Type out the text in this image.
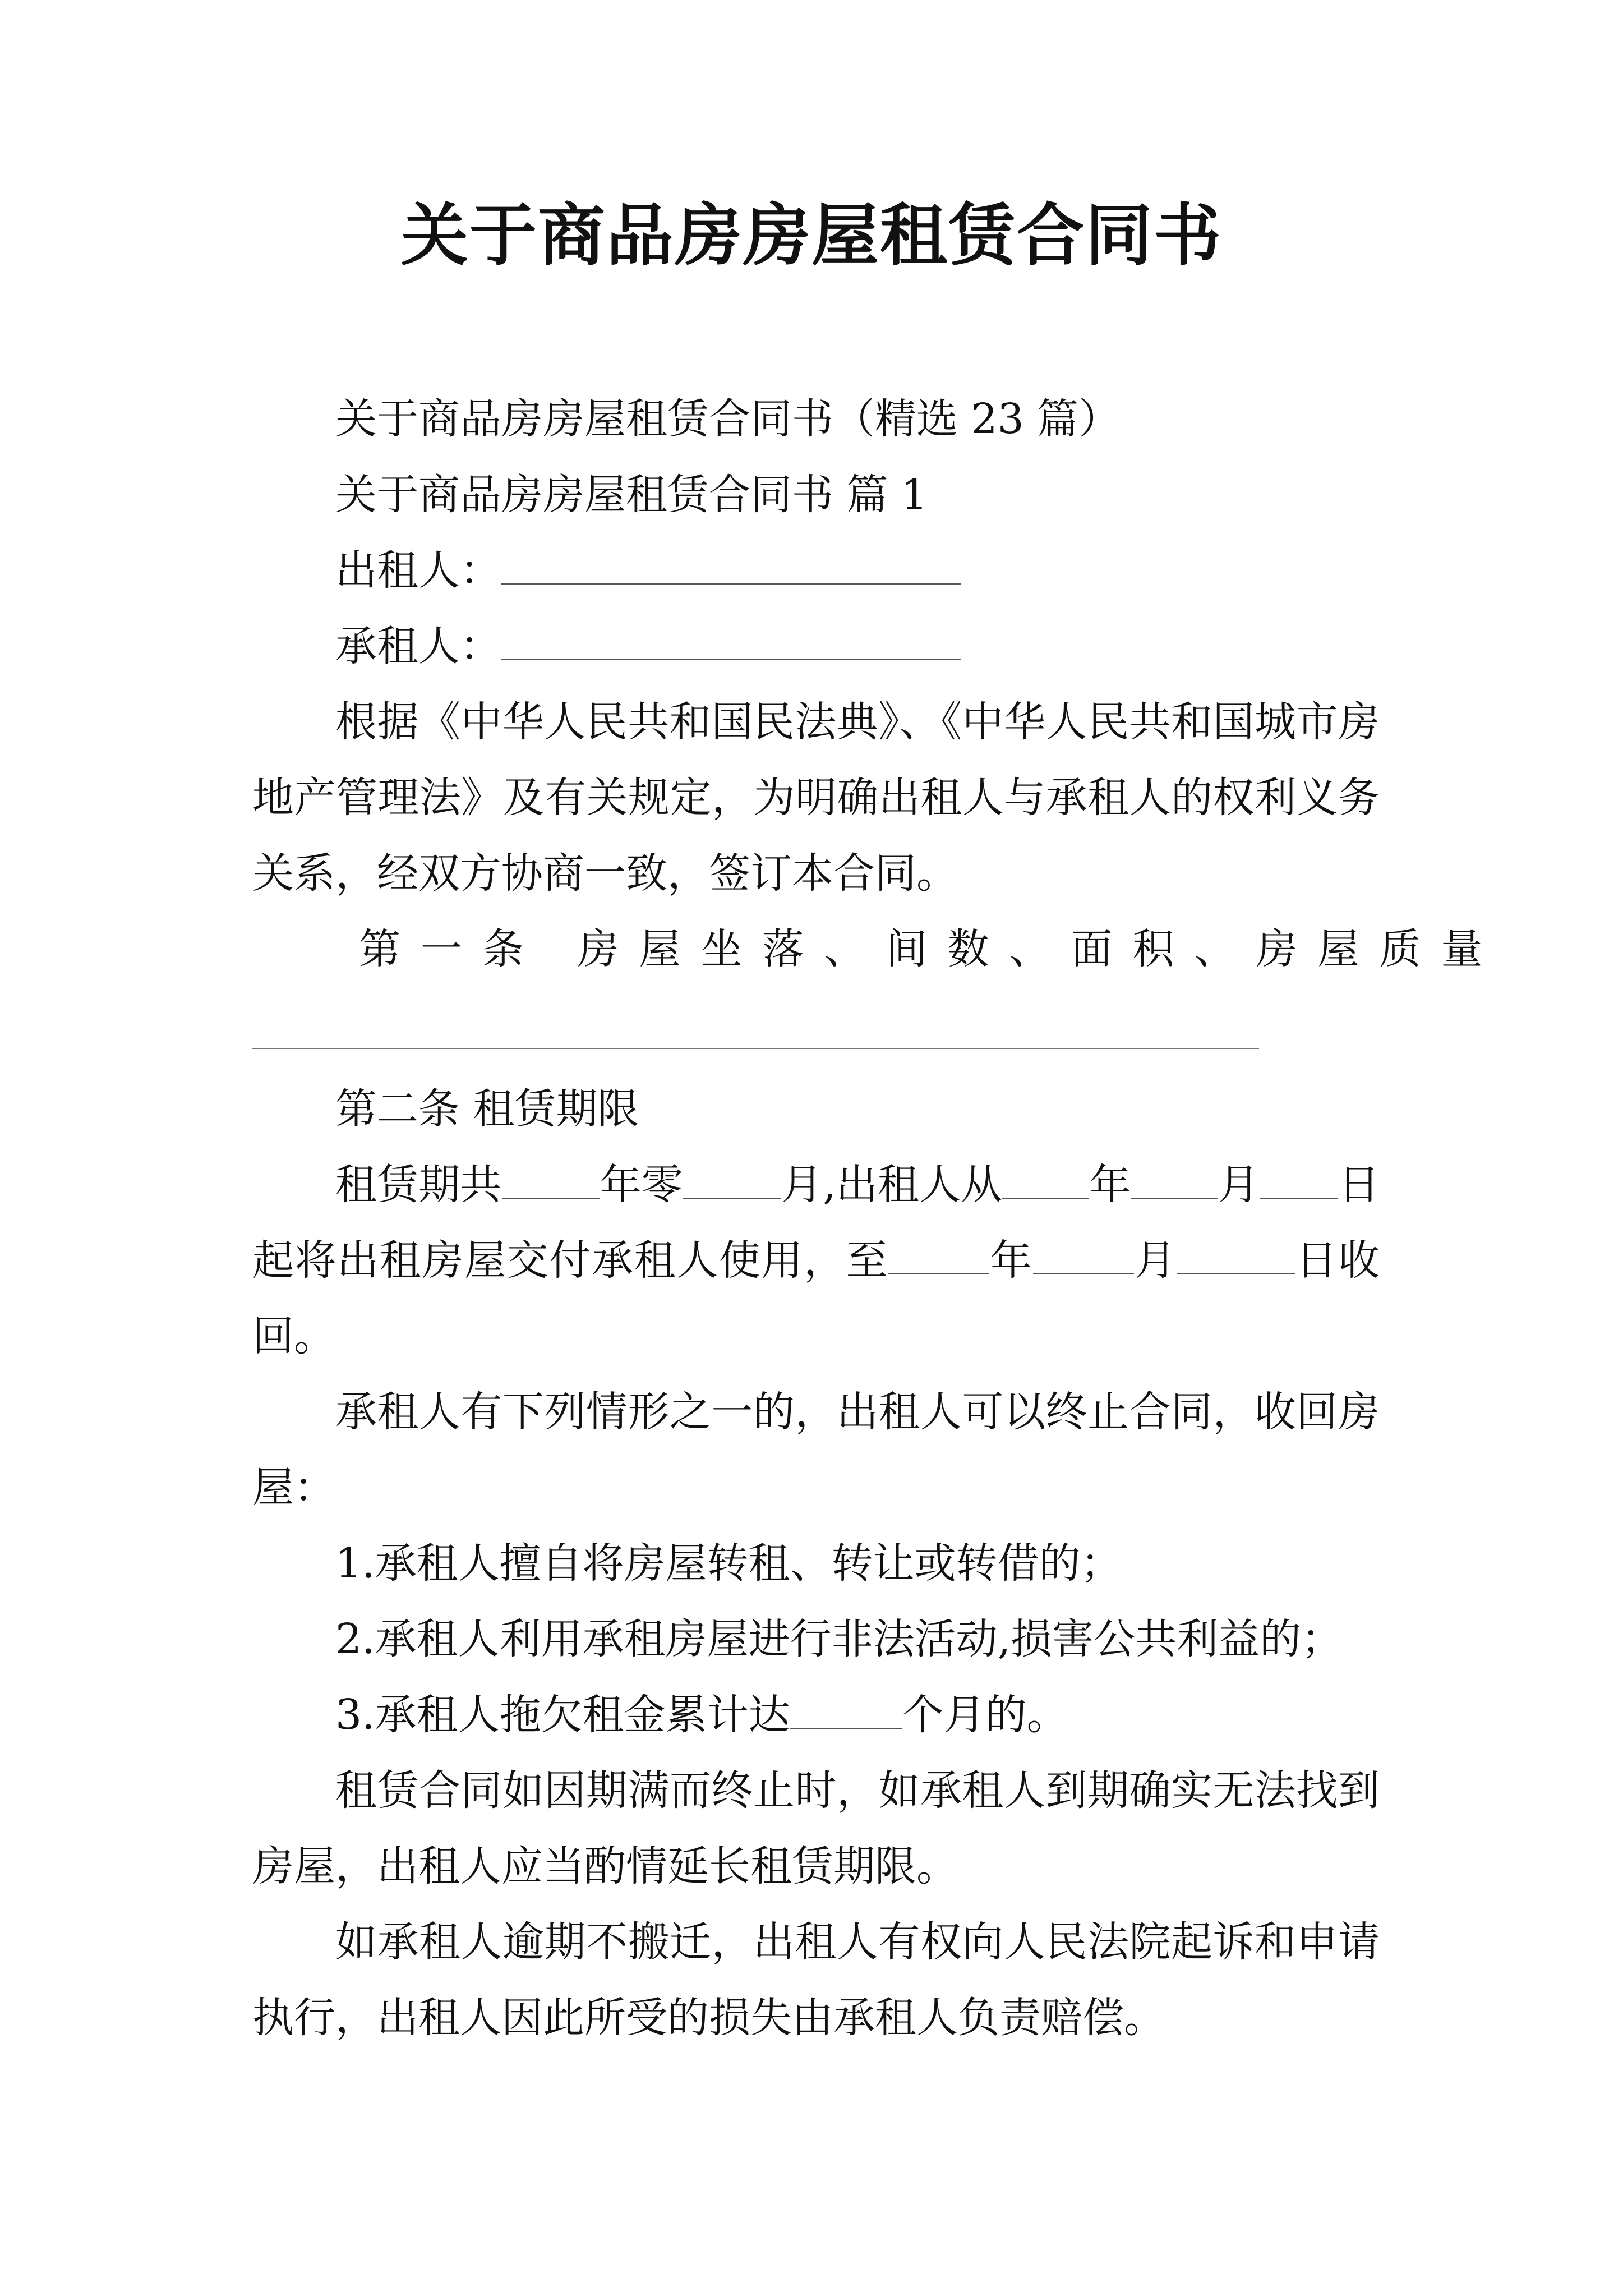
关于商品房房屋租赁合同书

关于商品房房屋租赁合同书（精选 23 篇）

关于商品房房屋租赁合同书 篇 1

出租人：

承租人：

根据《中华人民共和国民法典》、《中华人民共和国城市房地产管理法》及有关规定，为明确出租人与承租人的权利义务关系，经双方协商一致，签订本合同。

第一条 房屋坐落、间数、面积、房屋质量

第二条 租赁期限

租赁期共 年零 月,出租人从 年 月 日起将出租房屋交付承租人使用，至 年 月	日收回。

承租人有下列情形之一的，出租人可以终止合同，收回房屋：

1.承租人擅自将房屋转租、转让或转借的；

2.承租人利用承租房屋进行非法活动,损害公共利益的；

3.承租人拖欠租金累计达	个月的。

租赁合同如因期满而终止时，如承租人到期确实无法找到房屋，出租人应当酌情延长租赁期限。

如承租人逾期不搬迁，出租人有权向人民法院起诉和申请执行，出租人因此所受的损失由承租人负责赔偿。
